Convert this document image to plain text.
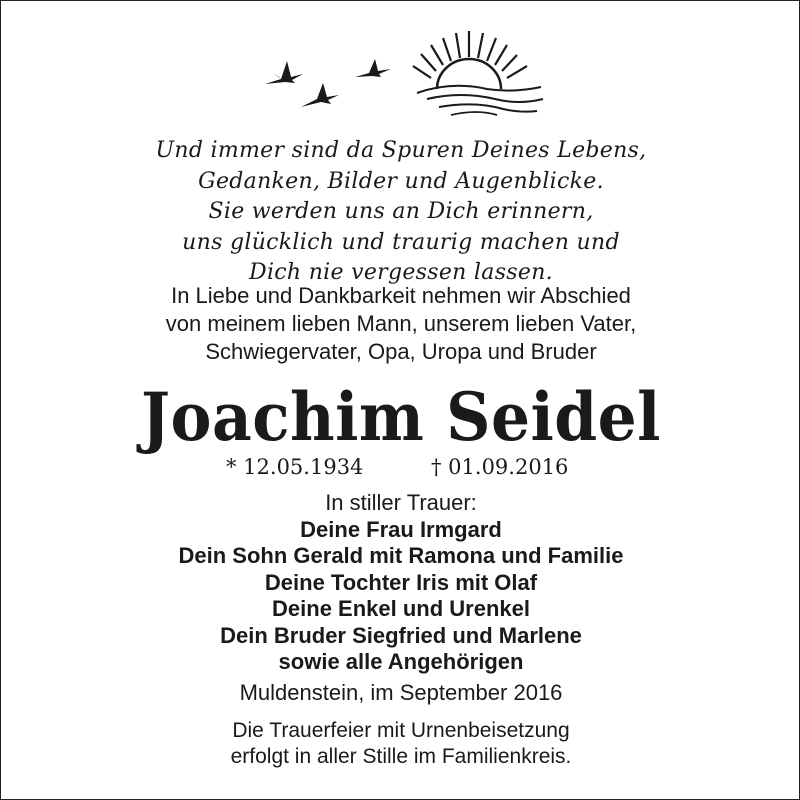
Und immer sind da Spuren Deines Lebens,
Gedanken, Bilder und Augenblicke.
Sie werden uns an Dich erinnern,
uns glücklich und traurig machen und
Dich nie vergessen lassen.
In Liebe und Dankbarkeit nehmen wir Abschied
von meinem lieben Mann, unserem lieben Vater,
Schwiegervater, Opa, Uropa und Bruder
Joachim Seidel
* 12.05.1934	† 01.09.2016
In stiller Trauer:
Deine Frau Irmgard
Dein Sohn Gerald mit Ramona und Familie
Deine Tochter Iris mit Olaf
Deine Enkel und Urenkel
Dein Bruder Siegfried und Marlene
sowie alle Angehörigen
Muldenstein, im September 2016
Die Trauerfeier mit Urnenbeisetzung
erfolgt in aller Stille im Familienkreis.
